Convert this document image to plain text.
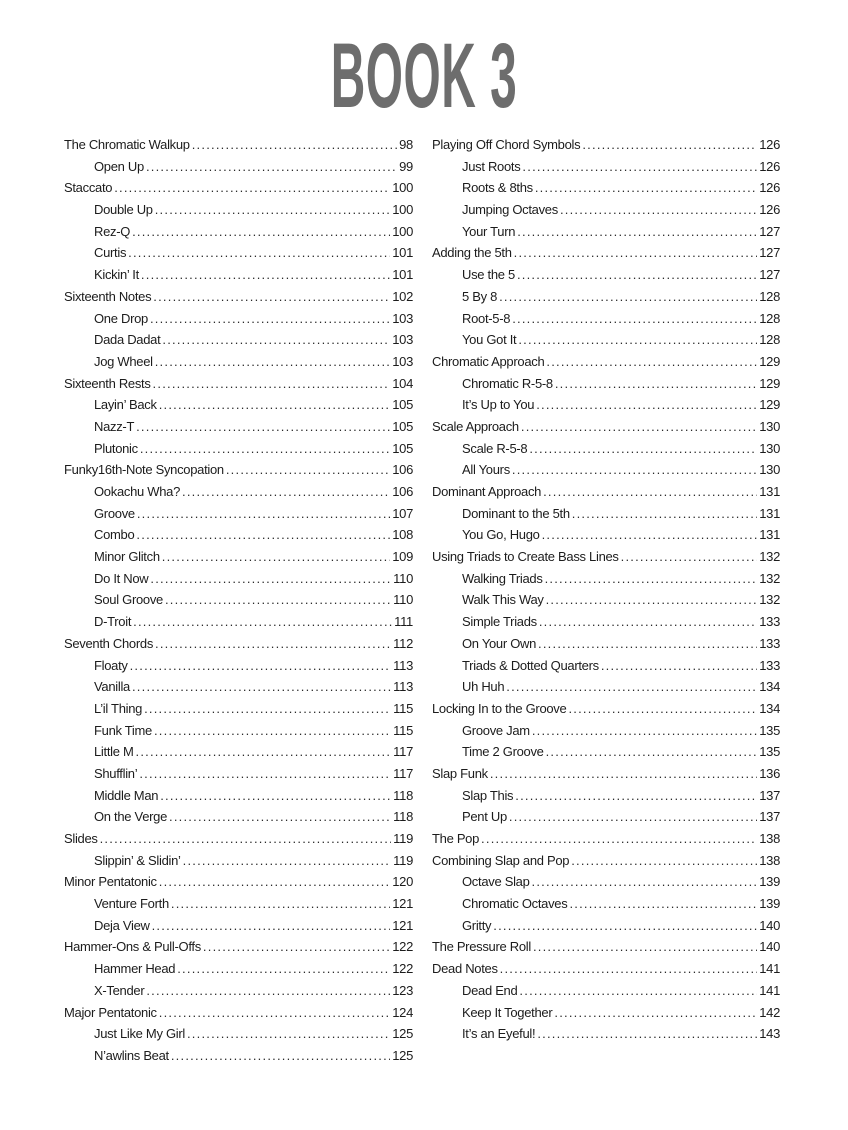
BOOK 3
The Chromatic Walkup . . .	98
Open Up . . .	99
Staccato . . .	100
Double Up . . .	100
Rez-Q . . .	100
Curtis . . .	101
Kickin’ It . . .	101
Sixteenth Notes . . .	102
One Drop . . .	103
Dada Dadat . . .	103
Jog Wheel . . .	103
Sixteenth Rests . . .	104
Layin’ Back . . .	105
Nazz-T . . .	105
Plutonic . . .	105
Funky16th-Note Syncopation . . .	106
Ookachu Wha? . . .	106
Groove . . .	107
Combo . . .	108
Minor Glitch . . .	109
Do It Now . . .	110
Soul Groove . . .	110
D-Troit . . .	111
Seventh Chords . . .	112
Floaty . . .	113
Vanilla . . .	113
L’il Thing . . .	115
Funk Time . . .	115
Little M . . .	117
Shufflin’ . . .	117
Middle Man . . .	118
On the Verge . . .	118
Slides . . .	119
Slippin’ & Slidin’ . . .	119
Minor Pentatonic . . .	120
Venture Forth . . .	121
Deja View . . .	121
Hammer-Ons & Pull-Offs . . .	122
Hammer Head . . .	122
X-Tender . . .	123
Major Pentatonic . . .	124
Just Like My Girl . . .	125
N’awlins Beat . . .	125
Playing Off Chord Symbols . . .	126
Just Roots . . .	126
Roots & 8ths . . .	126
Jumping Octaves . . .	126
Your Turn . . .	127
Adding the 5th . . .	127
Use the 5 . . .	127
5 By 8 . . .	128
Root-5-8 . . .	128
You Got It . . .	128
Chromatic Approach . . .	129
Chromatic R-5-8 . . .	129
It’s Up to You . . .	129
Scale Approach . . .	130
Scale R-5-8 . . .	130
All Yours . . .	130
Dominant Approach . . .	131
Dominant to the 5th . . .	131
You Go, Hugo . . .	131
Using Triads to Create Bass Lines . . .	132
Walking Triads . . .	132
Walk This Way . . .	132
Simple Triads . . .	133
On Your Own . . .	133
Triads & Dotted Quarters . . .	133
Uh Huh . . .	134
Locking In to the Groove . . .	134
Groove Jam . . .	135
Time 2 Groove . . .	135
Slap Funk . . .	136
Slap This . . .	137
Pent Up . . .	137
The Pop . . .	138
Combining Slap and Pop . . .	138
Octave Slap . . .	139
Chromatic Octaves . . .	139
Gritty . . .	140
The Pressure Roll . . .	140
Dead Notes . . .	141
Dead End . . .	141
Keep It Together . . .	142
It’s an Eyeful! . . .	143
